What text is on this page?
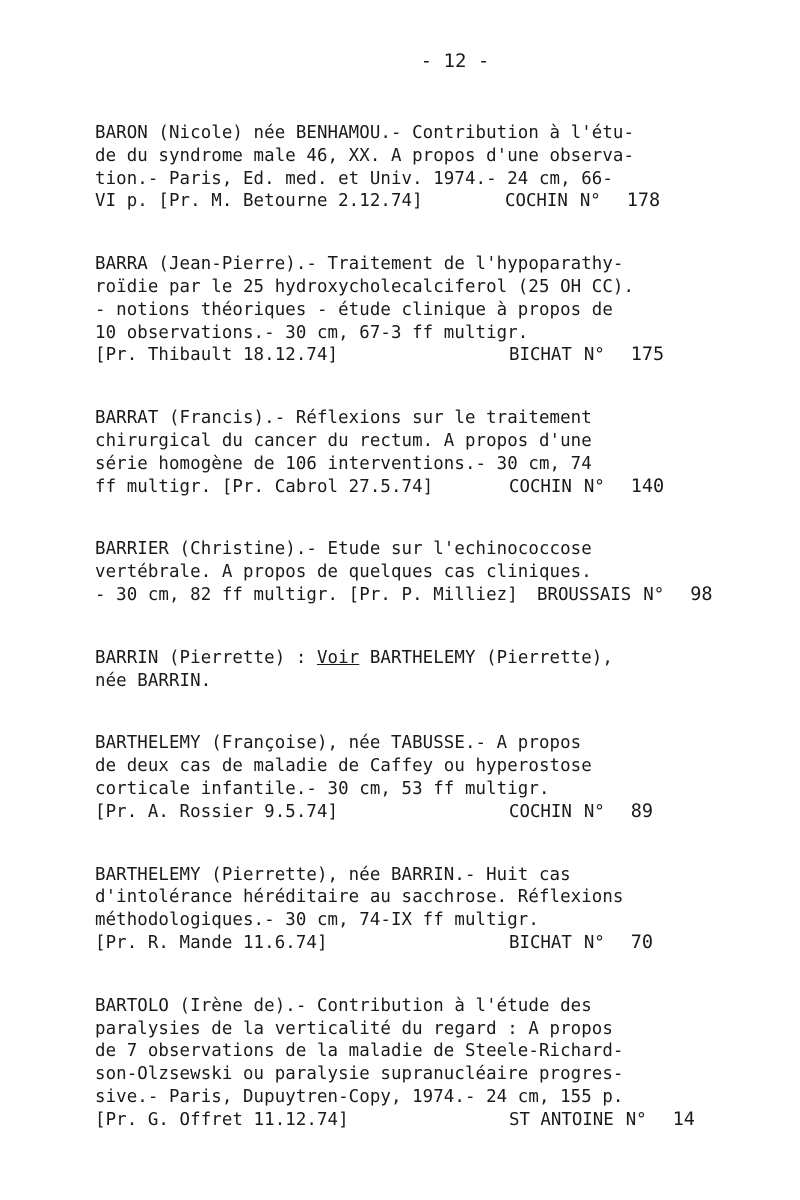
- 12 -
BARON (Nicole) née BENHAMOU.- Contribution à l'étu-
de du syndrome male 46, XX. A propos d'une observa-
tion.- Paris, Ed. med. et Univ. 1974.- 24 cm, 66-
VI p. [Pr. M. Betourne 2.12.74]	COCHIN N° 178
BARRA (Jean-Pierre).- Traitement de l'hypoparathy-
roïdie par le 25 hydroxycholecalciferol (25 OH CC).
- notions théoriques - étude clinique à propos de
10 observations.- 30 cm, 67-3 ff multigr.
[Pr. Thibault 18.12.74]	BICHAT N° 175
BARRAT (Francis).- Réflexions sur le traitement
chirurgical du cancer du rectum. A propos d'une
série homogène de 106 interventions.- 30 cm, 74
ff multigr. [Pr. Cabrol 27.5.74]	COCHIN N° 140
BARRIER (Christine).- Etude sur l'echinococcose
vertébrale. A propos de quelques cas cliniques.
- 30 cm, 82 ff multigr. [Pr. P. Milliez] BROUSSAIS N° 98
BARRIN (Pierrette) : Voir BARTHELEMY (Pierrette),
née BARRIN.
BARTHELEMY (Françoise), née TABUSSE.- A propos
de deux cas de maladie de Caffey ou hyperostose
corticale infantile.- 30 cm, 53 ff multigr.
[Pr. A. Rossier 9.5.74]	COCHIN N° 89
BARTHELEMY (Pierrette), née BARRIN.- Huit cas
d'intolérance héréditaire au sacchrose. Réflexions
méthodologiques.- 30 cm, 74-IX ff multigr.
[Pr. R. Mande 11.6.74]	BICHAT N° 70
BARTOLO (Irène de).- Contribution à l'étude des
paralysies de la verticalité du regard : A propos
de 7 observations de la maladie de Steele-Richard-
son-Olzsewski ou paralysie supranucléaire progres-
sive.- Paris, Dupuytren-Copy, 1974.- 24 cm, 155 p.
[Pr. G. Offret 11.12.74]	ST ANTOINE N° 14
